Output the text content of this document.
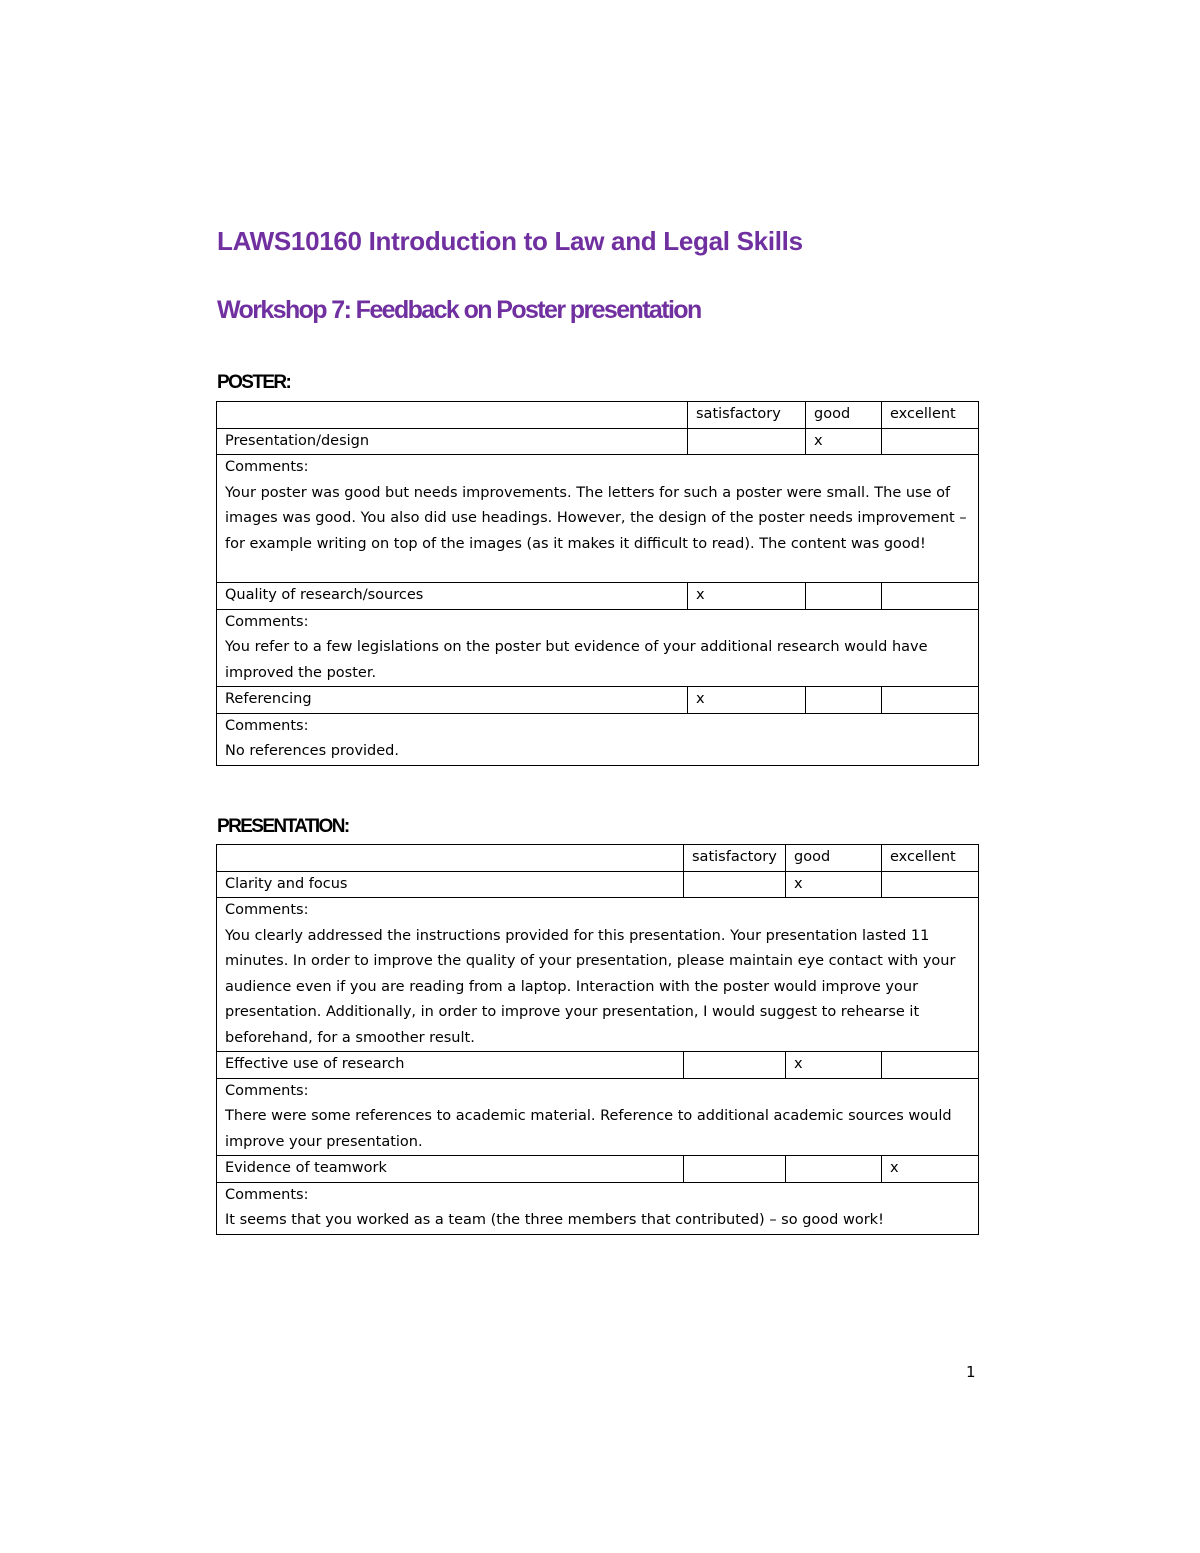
LAWS10160 Introduction to Law and Legal Skills
Workshop 7: Feedback on Poster presentation
POSTER:
	satisfactory	good	excellent
Presentation/design		x	

Comments:
Your poster was good but needs improvements. The letters for such a poster were small. The use of images was good. You also did use headings. However, the design of the poster needs improvement – for example writing on top of the images (as it makes it difficult to read). The content was good!			

Quality of research/sources	x		

Comments:
You refer to a few legislations on the poster but evidence of your additional research would have improved the poster.			

Referencing	x		

Comments:
No references provided.			
PRESENTATION:
	satisfactory	good	excellent
Clarity and focus		x	

Comments:
You clearly addressed the instructions provided for this presentation. Your presentation lasted 11 minutes. In order to improve the quality of your presentation, please maintain eye contact with your audience even if you are reading from a laptop. Interaction with the poster would improve your presentation. Additionally, in order to improve your presentation, I would suggest to rehearse it beforehand, for a smoother result.			

Effective use of research		x	

Comments:
There were some references to academic material. Reference to additional academic sources would improve your presentation.			

Evidence of teamwork			x

Comments:
It seems that you worked as a team (the three members that contributed) – so good work!			
1
